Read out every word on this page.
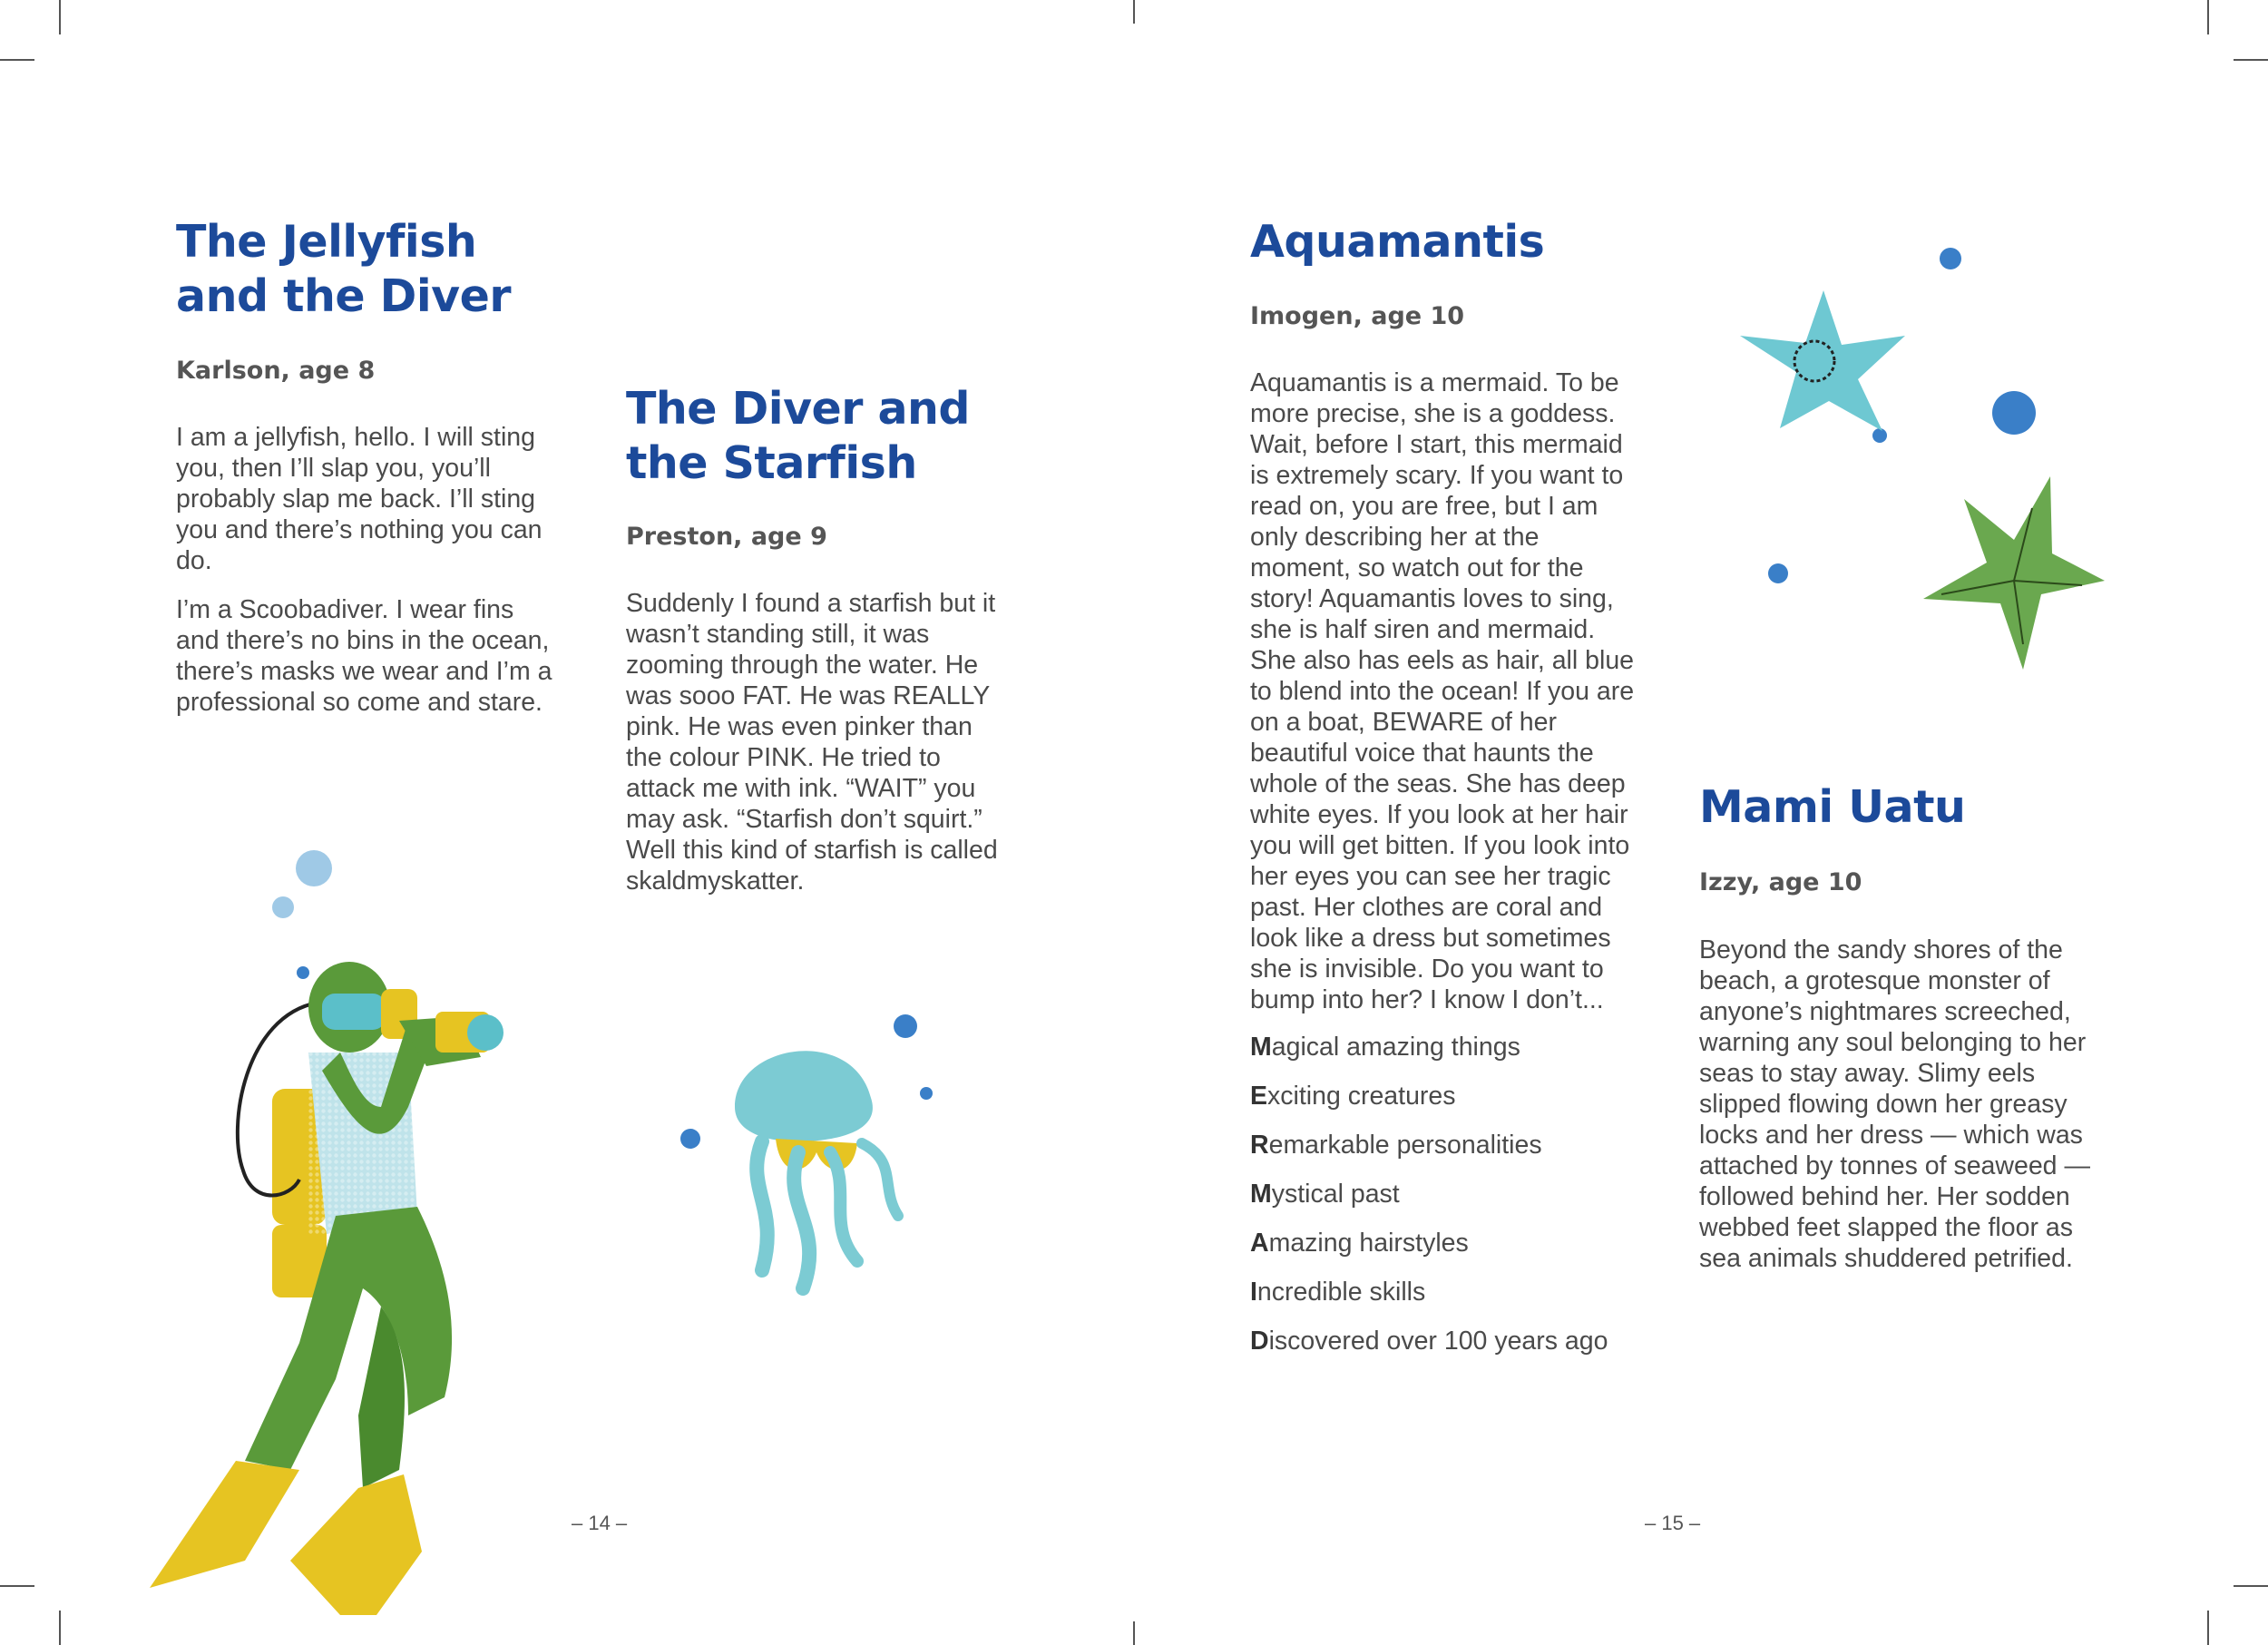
The Jellyfish
and the Diver
Karlson, age 8

I am a jellyfish, hello. I will sting you, then I’ll slap you, you’ll probably slap me back. I’ll sting you and there’s nothing you can do.

I’m a Scoobadiver. I wear fins and there’s no bins in the ocean, there’s masks we wear and I’m a professional so come and stare.

The Diver and
the Starfish
Preston, age 9

Suddenly I found a starfish but it wasn’t standing still, it was zooming through the water. He was sooo FAT. He was REALLY pink. He was even pinker than the colour PINK. He tried to attack me with ink. “WAIT” you may ask. “Starfish don’t squirt.” Well this kind of starfish is called skaldmyskatter.

– 14 –
Aquamantis
Imogen, age 10

Aquamantis is a mermaid. To be more precise, she is a goddess. Wait, before I start, this mermaid is extremely scary. If you want to read on, you are free, but I am only describing her at the moment, so watch out for the story! Aquamantis loves to sing, she is half siren and mermaid. She also has eels as hair, all blue to blend into the ocean! If you are on a boat, BEWARE of her beautiful voice that haunts the whole of the seas. She has deep white eyes. If you look at her hair you will get bitten. If you look into her eyes you can see her tragic past. Her clothes are coral and look like a dress but sometimes she is invisible. Do you want to bump into her? I know I don’t...

Magical amazing things
Exciting creatures
Remarkable personalities
Mystical past
Amazing hairstyles
Incredible skills
Discovered over 100 years ago
Mami Uatu
Izzy, age 10

Beyond the sandy shores of the beach, a grotesque monster of anyone’s nightmares screeched, warning any soul belonging to her seas to stay away. Slimy eels slipped flowing down her greasy locks and her dress — which was attached by tonnes of seaweed — followed behind her. Her sodden webbed feet slapped the floor as sea animals shuddered petrified.

– 15 –
